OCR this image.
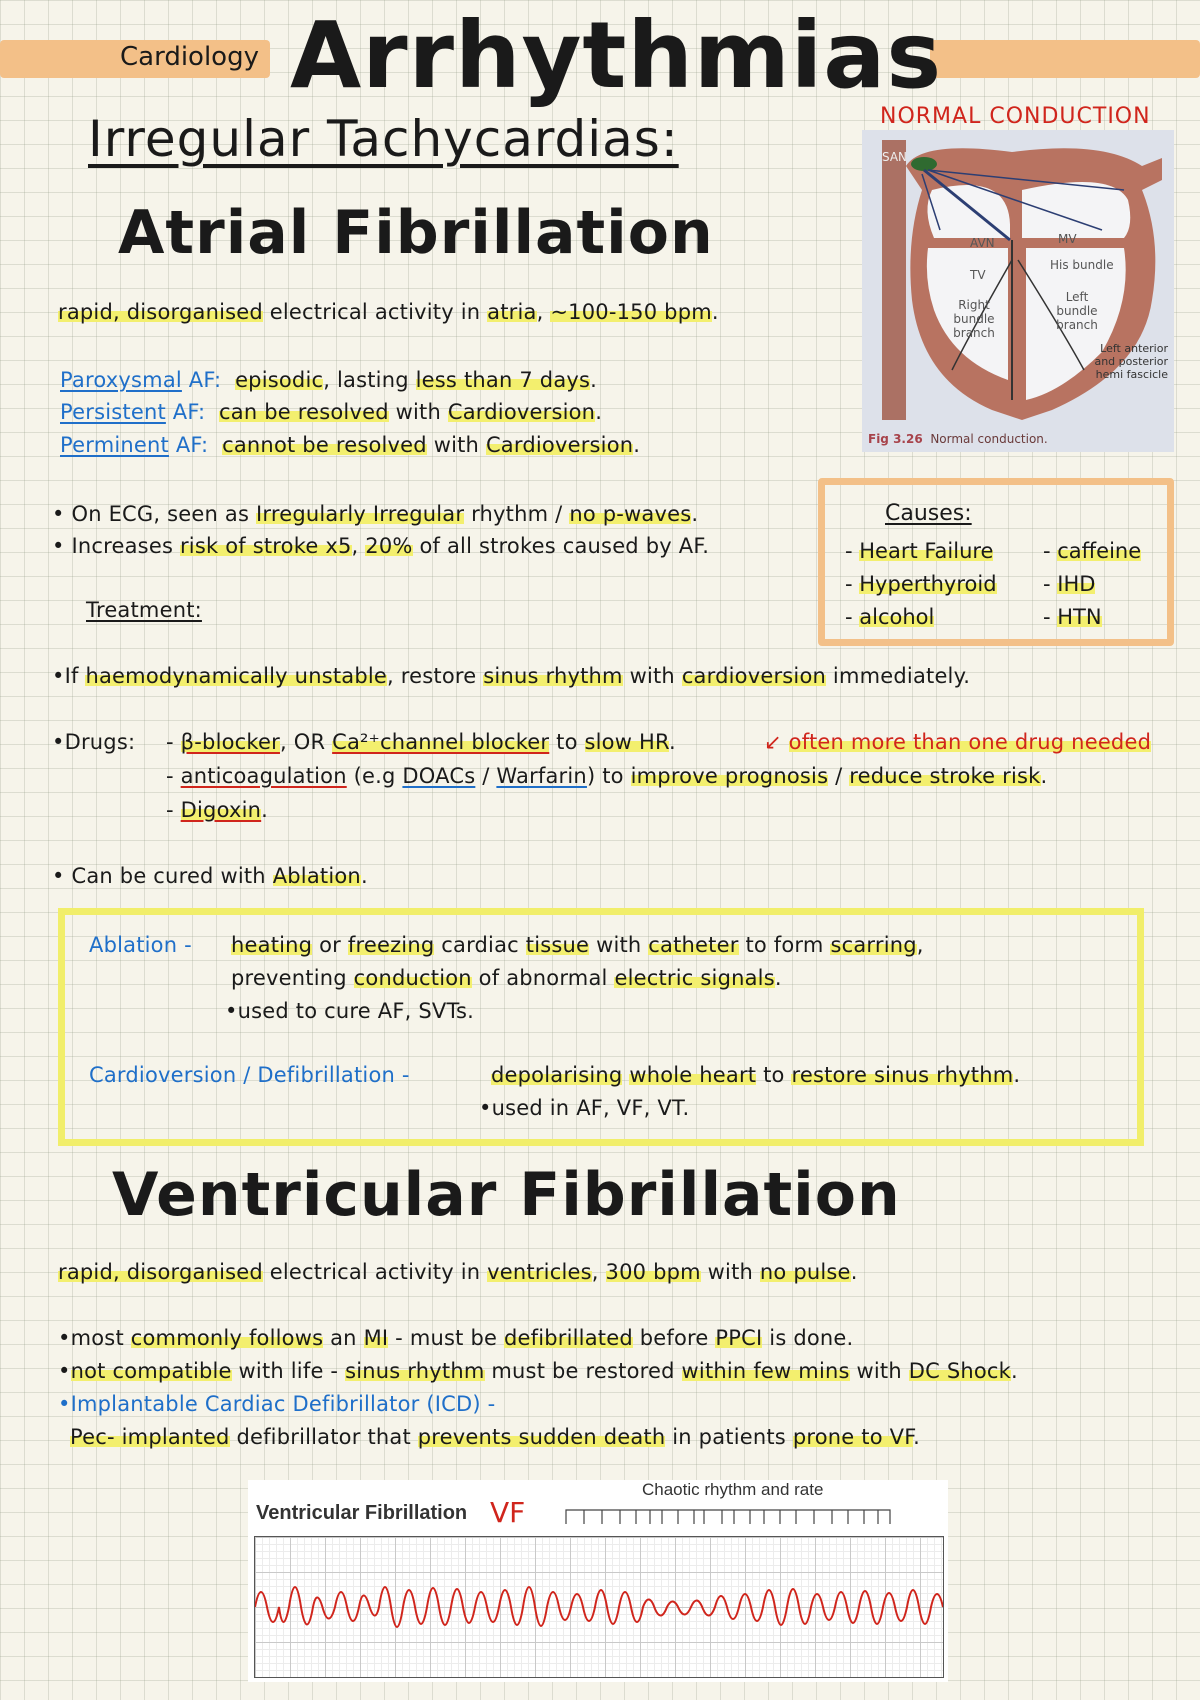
Cardiology Arrhythmias
Irregular Tachycardias:	NORMAL CONDUCTION
SAN
AVN
TV
MV
His bundle
Right bundle branch
Left bundle branch
Left anterior and posterior hemi fascicle
Fig 3.26 Normal conduction.
Atrial Fibrillation
rapid, disorganised electrical activity in atria, ~100-150 bpm.
Paroxysmal AF: episodic, lasting less than 7 days.
Persistent AF: can be resolved with Cardioversion.
Perminent AF: cannot be resolved with Cardioversion.
• On ECG, seen as Irregularly Irregular rhythm / no p-waves.
• Increases risk of stroke x5, 20% of all strokes caused by AF.
Causes:
- Heart Failure
- Hyperthyroid
- alcohol
- caffeine
- IHD
- HTN
Treatment:
•If haemodynamically unstable, restore sinus rhythm with cardioversion immediately.
•Drugs: - β-blocker, OR Ca²⁺channel blocker to slow HR.	↙ often more than one drug needed
- anticoagulation (e.g DOACs / Warfarin) to improve prognosis / reduce stroke risk.
- Digoxin.
• Can be cured with Ablation.
Ablation - heating or freezing cardiac tissue with catheter to form scarring,
preventing conduction of abnormal electric signals.
•used to cure AF, SVTs.
Cardioversion / Defibrillation -	depolarising whole heart to restore sinus rhythm.
•used in AF, VF, VT.
Ventricular Fibrillation
rapid, disorganised electrical activity in ventricles, 300 bpm with no pulse.
•most commonly follows an MI - must be defibrillated before PPCI is done.
•not compatible with life - sinus rhythm must be restored within few mins with DC Shock.
•Implantable Cardiac Defibrillator (ICD) -
Pec- implanted defibrillator that prevents sudden death in patients prone to VF.
Ventricular Fibrillation VF
Chaotic rhythm and rate
